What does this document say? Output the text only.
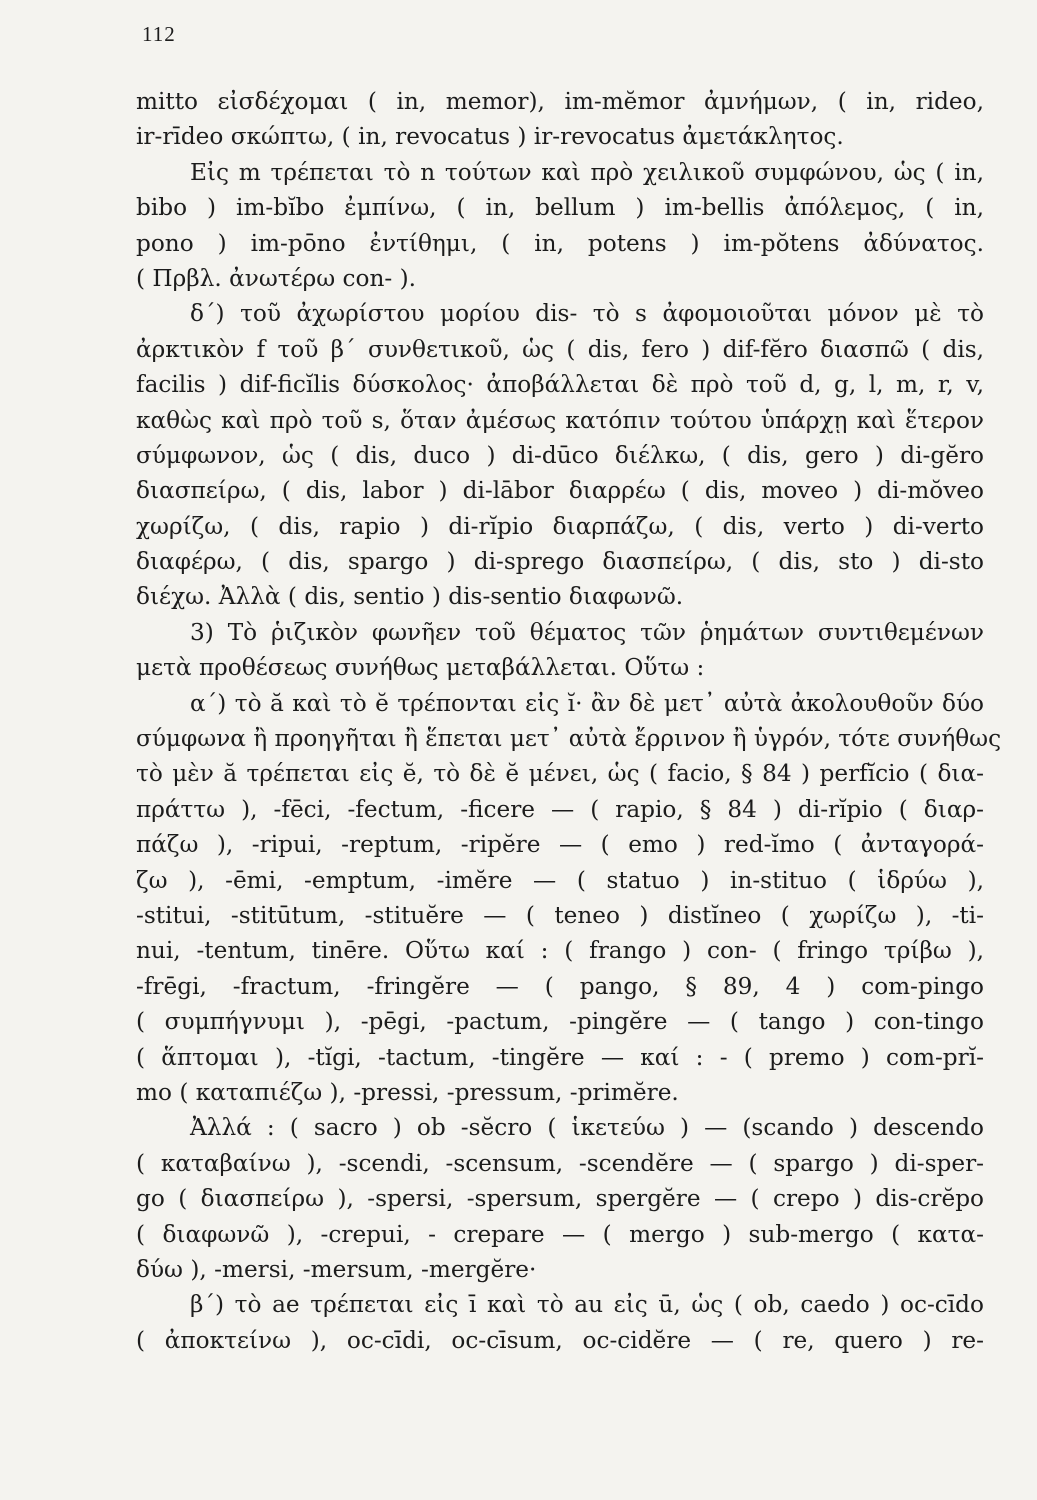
112
mitto εἰσδέχομαι ( in, memor), im-mĕmor ἀμνήμων, ( in, rideo,
ir-rīdeo σκώπτω, ( in, revocatus ) ir-revocatus ἀμετάκλητος.
Εἰς m τρέπεται τὸ n τούτων καὶ πρὸ χειλικοῦ συμφώνου, ὡς ( in,
bibo ) im-bĭbo ἐμπίνω, ( in, bellum ) im-bellis ἀπόλεμος, ( in,
pono ) im-pōno ἐντίθημι, ( in, potens ) im-pŏtens ἀδύνατος.
( Πρβλ. ἀνωτέρω con- ).
δ΄) τοῦ ἀχωρίστου μορίου dis- τὸ s ἀφομοιοῦται μόνον μὲ τὸ
ἀρκτικὸν f τοῦ β΄ συνθετικοῦ, ὡς ( dis, fero ) dif-fĕro διασπῶ ( dis,
facilis ) dif-ficĭlis δύσκολος· ἀποβάλλεται δὲ πρὸ τοῦ d, g, l, m, r, v,
καθὼς καὶ πρὸ τοῦ s, ὅταν ἀμέσως κατόπιν τούτου ὑπάρχῃ καὶ ἕτερον
σύμφωνον, ὡς ( dis, duco ) di-dūco διέλκω, ( dis, gero ) di-gĕro
διασπείρω, ( dis, labor ) di-lābor διαρρέω ( dis, moveo ) di-mŏveo
χωρίζω, ( dis, rapio ) di-rĭpio διαρπάζω, ( dis, verto ) di-verto
διαφέρω, ( dis, spargo ) di-sprego διασπείρω, ( dis, sto ) di-sto
διέχω. Ἀλλὰ ( dis, sentio ) dis-sentio διαφωνῶ.
3) Τὸ ῥιζικὸν φωνῆεν τοῦ θέματος τῶν ῥημάτων συντιθεμένων
μετὰ προθέσεως συνήθως μεταβάλλεται. Οὕτω :
α΄) τὸ ă καὶ τὸ ĕ τρέπονται εἰς ĭ· ἂν δὲ μετ᾿ αὐτὰ ἀκολουθοῦν δύο
σύμφωνα ἢ προηγῆται ἢ ἕπεται μετ᾿ αὐτὰ ἔρρινον ἢ ὑγρόν, τότε συνήθως
τὸ μὲν ă τρέπεται εἰς ĕ, τὸ δὲ ĕ μένει, ὡς ( facio, § 84 ) perfĭcio ( δια-
πράττω ), -fēci, -fectum, -ficere — ( rapio, § 84 ) di-rĭpio ( διαρ-
πάζω ), -ripui, -reptum, -ripĕre — ( emo ) red-ĭmo ( ἀνταγορά-
ζω ), -ēmi, -emptum, -imĕre — ( statuo ) in-stituo ( ἱδρύω ),
-stitui, -stitūtum, -stituĕre — ( teneo ) distĭneo ( χωρίζω ), -ti-
nui, -tentum, tinēre. Οὕτω καί : ( frango ) con- ( fringo τρίβω ),
-frēgi, -fractum, -fringĕre — ( pango, § 89, 4 ) com-pingo
( συμπήγνυμι ), -pēgi, -pactum, -pingĕre — ( tango ) con-tingo
( ἅπτομαι ), -tĭgi, -tactum, -tingĕre — καί : - ( premo ) com-prĭ-
mo ( καταπιέζω ), -pressi, -pressum, -primĕre.
Ἀλλά : ( sacro ) ob -sĕcro ( ἱκετεύω ) — (scando ) descendo
( καταβαίνω ), -scendi, -scensum, -scendĕre — ( spargo ) di-sper-
go ( διασπείρω ), -spersi, -spersum, spergĕre — ( crepo ) dis-crĕpo
( διαφωνῶ ), -crepui, - crepare — ( mergo ) sub-mergo ( κατα-
δύω ), -mersi, -mersum, -mergĕre·
β΄) τὸ ae τρέπεται εἰς ī καὶ τὸ au εἰς ū, ὡς ( ob, caedo ) oc-cīdo
( ἀποκτείνω ), oc-cīdi, oc-cīsum, oc-cidĕre — ( re, quero ) re-
